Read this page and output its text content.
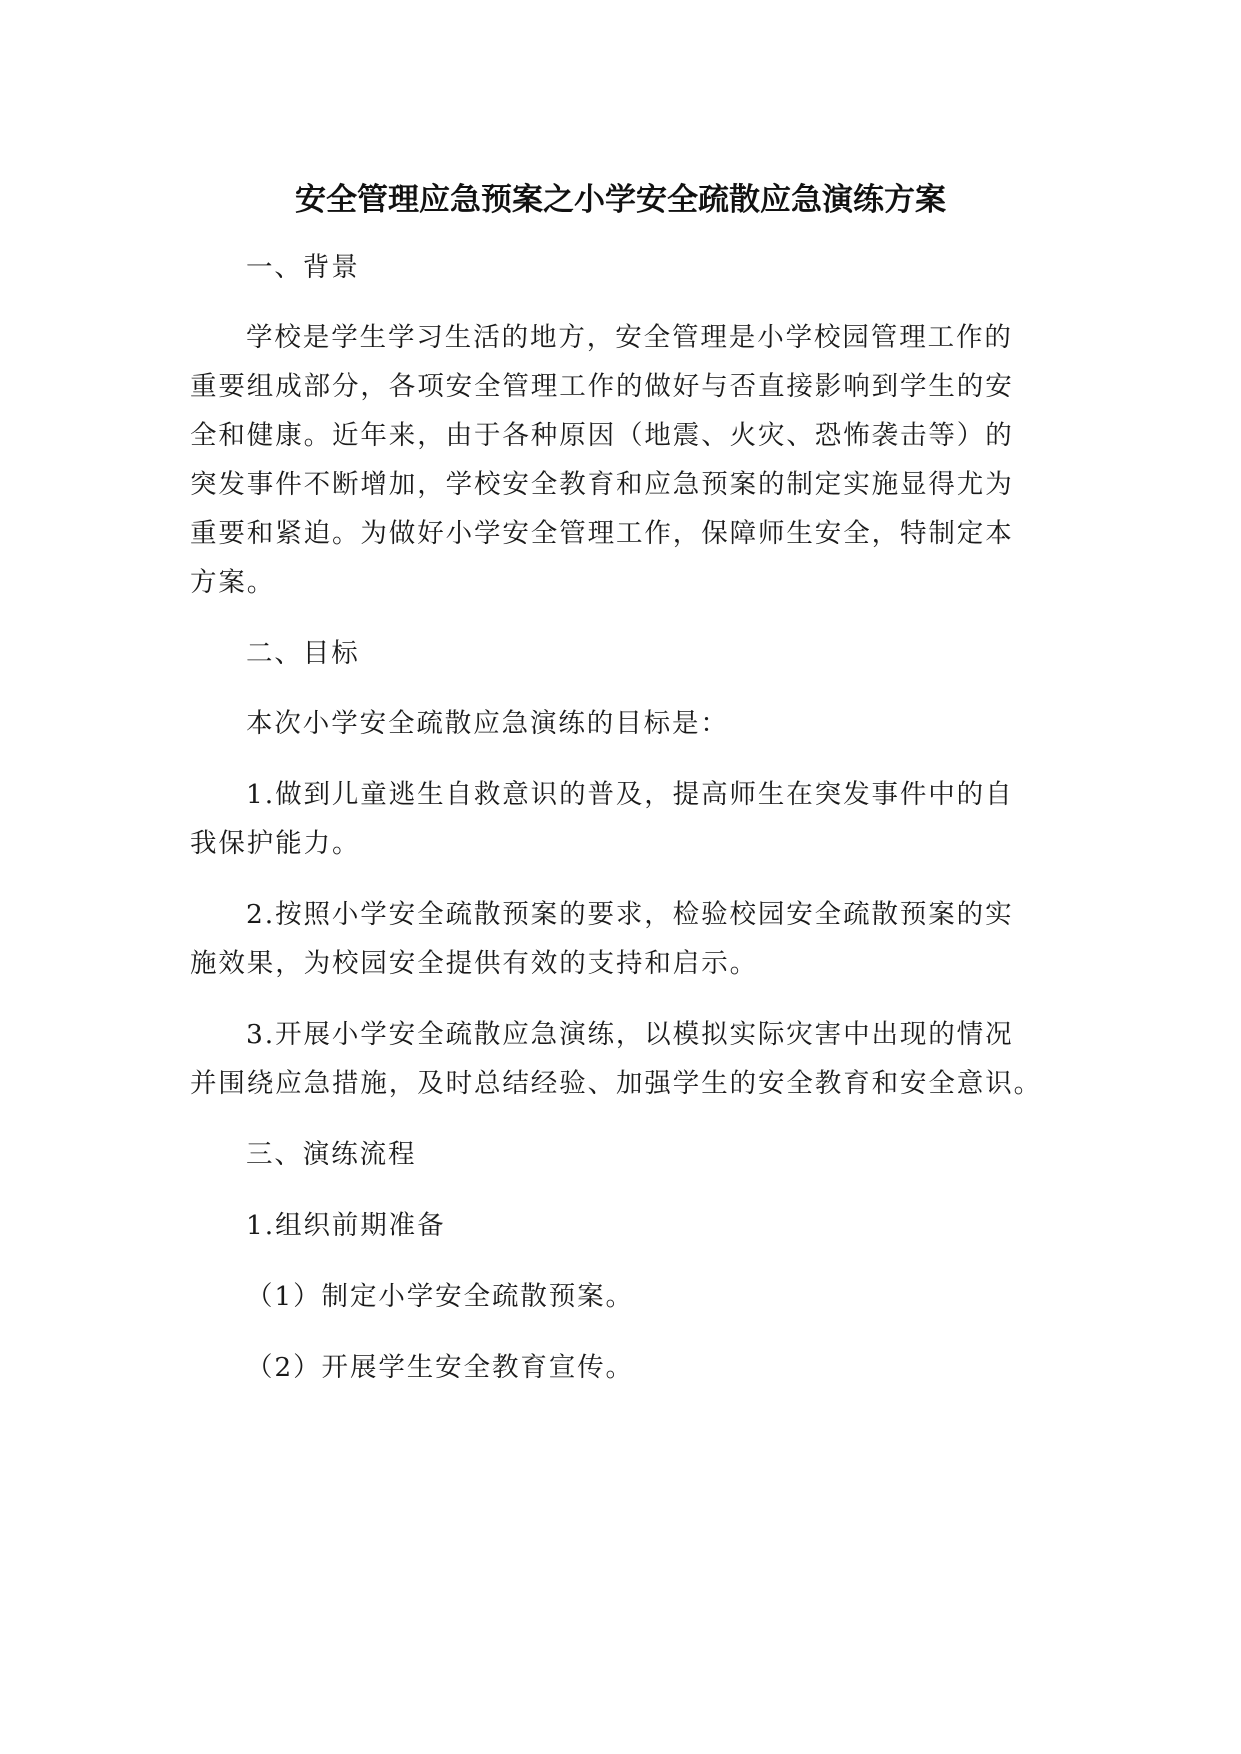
安全管理应急预案之小学安全疏散应急演练方案

一、背景

学校是学生学习生活的地方，安全管理是小学校园管理工作的

重要组成部分，各项安全管理工作的做好与否直接影响到学生的安

全和健康。近年来，由于各种原因（地震、火灾、恐怖袭击等）的

突发事件不断增加，学校安全教育和应急预案的制定实施显得尤为

重要和紧迫。为做好小学安全管理工作，保障师生安全，特制定本

方案。

二、目标

本次小学安全疏散应急演练的目标是：

1.做到儿童逃生自救意识的普及，提高师生在突发事件中的自

我保护能力。

2.按照小学安全疏散预案的要求，检验校园安全疏散预案的实

施效果，为校园安全提供有效的支持和启示。

3.开展小学安全疏散应急演练，以模拟实际灾害中出现的情况

并围绕应急措施，及时总结经验、加强学生的安全教育和安全意识。

三、演练流程

1.组织前期准备

（1）制定小学安全疏散预案。

（2）开展学生安全教育宣传。
